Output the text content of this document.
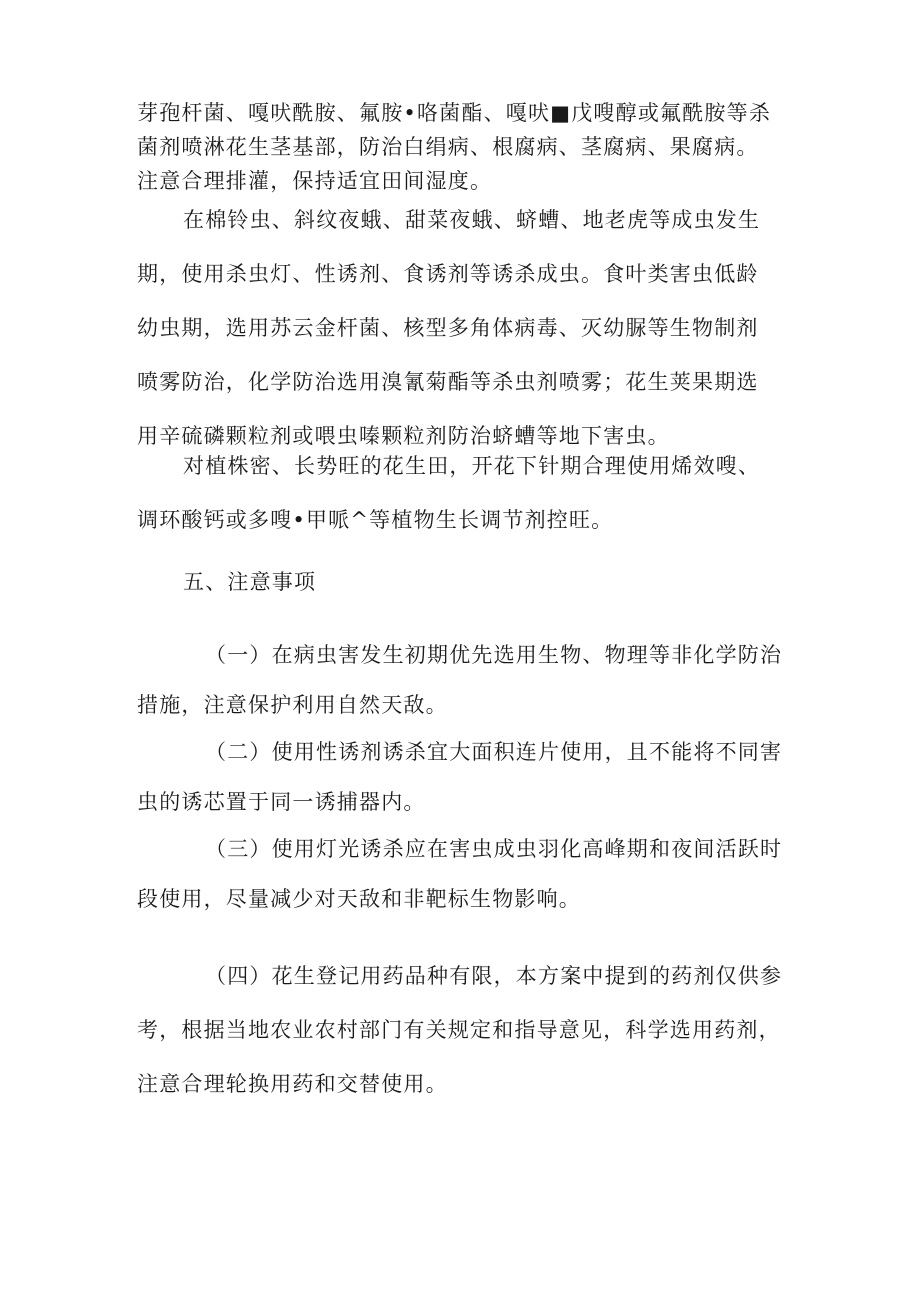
芽孢杆菌、嘎吠酰胺、氟胺•咯菌酯、嘎吠■戊嗖醇或氟酰胺等杀
菌剂喷淋花生茎基部，防治白绢病、根腐病、茎腐病、果腐病。
注意合理排灌，保持适宜田间湿度。
在棉铃虫、斜纹夜蛾、甜菜夜蛾、蛴螬、地老虎等成虫发生
期，使用杀虫灯、性诱剂、食诱剂等诱杀成虫。食叶类害虫低龄
幼虫期，选用苏云金杆菌、核型多角体病毒、灭幼脲等生物制剂
喷雾防治，化学防治选用溴氰菊酯等杀虫剂喷雾；花生荚果期选
用辛硫磷颗粒剂或喂虫嗪颗粒剂防治蛴螬等地下害虫。
对植株密、长势旺的花生田，开花下针期合理使用烯效嗖、
调环酸钙或多嗖•甲哌^等植物生长调节剂控旺。
五、注意事项
（一）在病虫害发生初期优先选用生物、物理等非化学防治
措施，注意保护利用自然天敌。
（二）使用性诱剂诱杀宜大面积连片使用，且不能将不同害
虫的诱芯置于同一诱捕器内。
（三）使用灯光诱杀应在害虫成虫羽化高峰期和夜间活跃时
段使用，尽量减少对天敌和非靶标生物影响。
（四）花生登记用药品种有限，本方案中提到的药剂仅供参
考，根据当地农业农村部门有关规定和指导意见，科学选用药剂，
注意合理轮换用药和交替使用。
